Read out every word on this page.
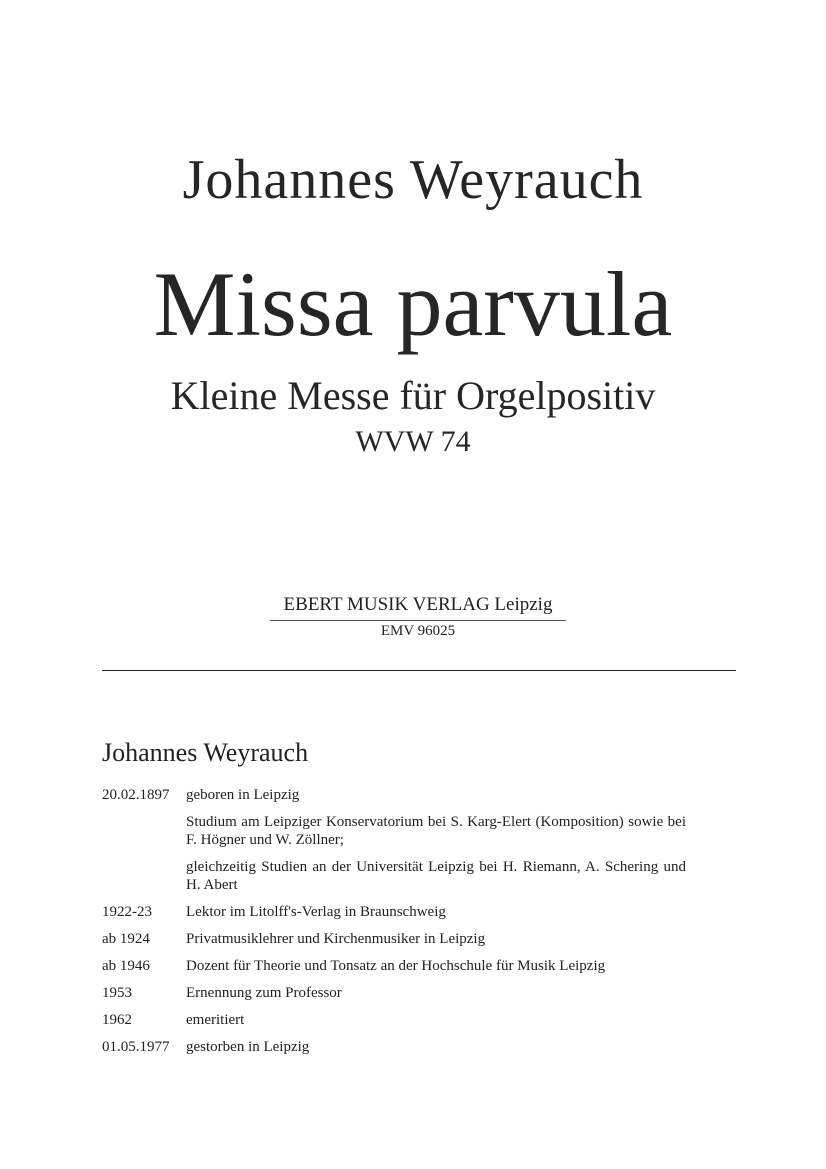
Johannes Weyrauch
Missa parvula
Kleine Messe für Orgelpositiv
WVW 74
EBERT MUSIK VERLAG Leipzig
EMV 96025
Johannes Weyrauch
20.02.1897	geboren in Leipzig
Studium am Leipziger Konservatorium bei S. Karg-Elert (Komposition) sowie bei F. Högner und W. Zöllner;
gleichzeitig Studien an der Universität Leipzig bei H. Riemann, A. Schering und H. Abert
1922-23	Lektor im Litolff's-Verlag in Braunschweig
ab 1924	Privatmusiklehrer und Kirchenmusiker in Leipzig
ab 1946	Dozent für Theorie und Tonsatz an der Hochschule für Musik Leipzig
1953	Ernennung zum Professor
1962	emeritiert
01.05.1977	gestorben in Leipzig
